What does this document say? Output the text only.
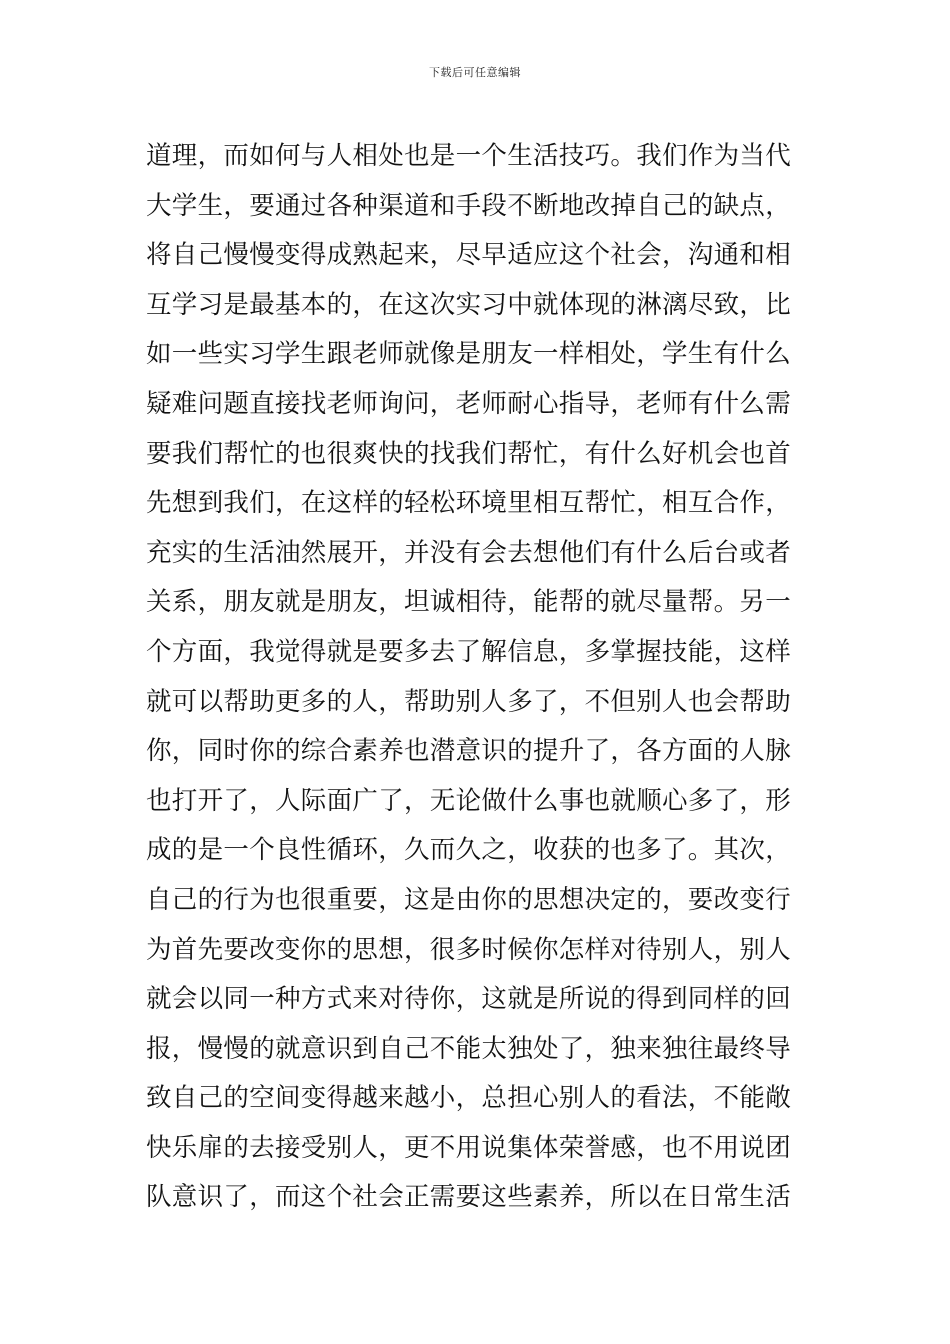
下载后可任意编辑
道理，而如何与人相处也是一个生活技巧。我们作为当代
大学生，要通过各种渠道和手段不断地改掉自己的缺点，
将自己慢慢变得成熟起来，尽早适应这个社会，沟通和相
互学习是最基本的，在这次实习中就体现的淋漓尽致，比
如一些实习学生跟老师就像是朋友一样相处，学生有什么
疑难问题直接找老师询问，老师耐心指导，老师有什么需
要我们帮忙的也很爽快的找我们帮忙，有什么好机会也首
先想到我们，在这样的轻松环境里相互帮忙，相互合作，
充实的生活油然展开，并没有会去想他们有什么后台或者
关系，朋友就是朋友，坦诚相待，能帮的就尽量帮。另一
个方面，我觉得就是要多去了解信息，多掌握技能，这样
就可以帮助更多的人，帮助别人多了，不但别人也会帮助
你，同时你的综合素养也潜意识的提升了，各方面的人脉
也打开了，人际面广了，无论做什么事也就顺心多了，形
成的是一个良性循环，久而久之，收获的也多了。其次，
自己的行为也很重要，这是由你的思想决定的，要改变行
为首先要改变你的思想，很多时候你怎样对待别人，别人
就会以同一种方式来对待你，这就是所说的得到同样的回
报，慢慢的就意识到自己不能太独处了，独来独往最终导
致自己的空间变得越来越小，总担心别人的看法，不能敞
快乐扉的去接受别人，更不用说集体荣誉感，也不用说团
队意识了，而这个社会正需要这些素养，所以在日常生活
